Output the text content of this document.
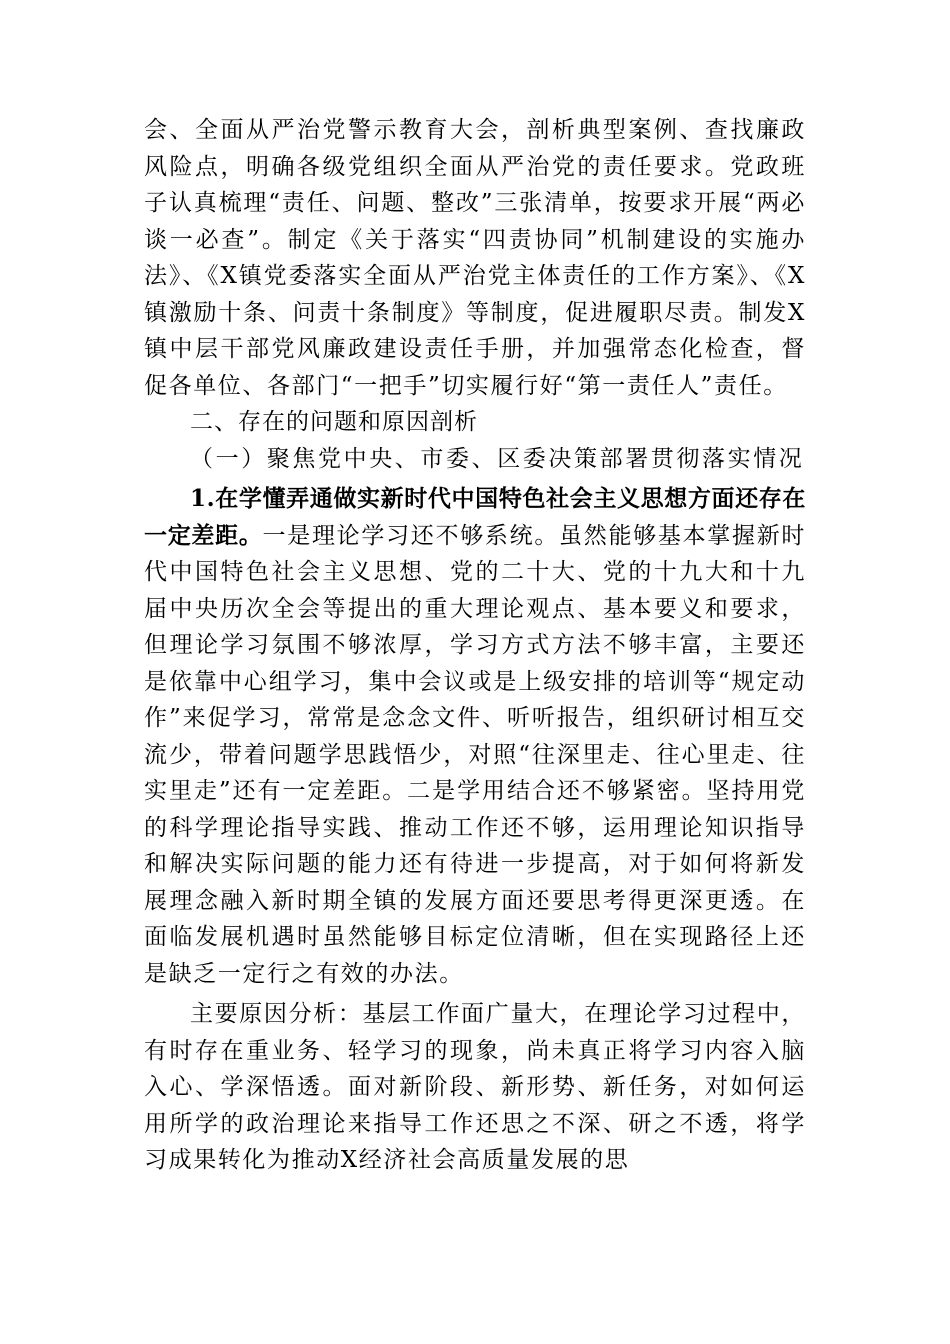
会、全面从严治党警示教育大会，剖析典型案例、查找廉政风险点，明确各级党组织全面从严治党的责任要求。党政班子认真梳理“责任、问题、整改”三张清单，按要求开展“两必谈一必查”。制定《关于落实“四责协同”机制建设的实施办法》、《X镇党委落实全面从严治党主体责任的工作方案》、《X镇激励十条、问责十条制度》等制度，促进履职尽责。制发X镇中层干部党风廉政建设责任手册，并加强常态化检查，督促各单位、各部门“一把手”切实履行好“第一责任人”责任。

二、存在的问题和原因剖析

（一）聚焦党中央、市委、区委决策部署贯彻落实情况

1.在学懂弄通做实新时代中国特色社会主义思想方面还存在一定差距。一是理论学习还不够系统。虽然能够基本掌握新时代中国特色社会主义思想、党的二十大、党的十九大和十九届中央历次全会等提出的重大理论观点、基本要义和要求，但理论学习氛围不够浓厚，学习方式方法不够丰富，主要还是依靠中心组学习，集中会议或是上级安排的培训等“规定动作”来促学习，常常是念念文件、听听报告，组织研讨相互交流少，带着问题学思践悟少，对照“往深里走、往心里走、往实里走”还有一定差距。二是学用结合还不够紧密。坚持用党的科学理论指导实践、推动工作还不够，运用理论知识指导和解决实际问题的能力还有待进一步提高，对于如何将新发展理念融入新时期全镇的发展方面还要思考得更深更透。在面临发展机遇时虽然能够目标定位清晰，但在实现路径上还是缺乏一定行之有效的办法。

主要原因分析：基层工作面广量大，在理论学习过程中，有时存在重业务、轻学习的现象，尚未真正将学习内容入脑入心、学深悟透。面对新阶段、新形势、新任务，对如何运用所学的政治理论来指导工作还思之不深、研之不透，将学习成果转化为推动X经济社会高质量发展的思
